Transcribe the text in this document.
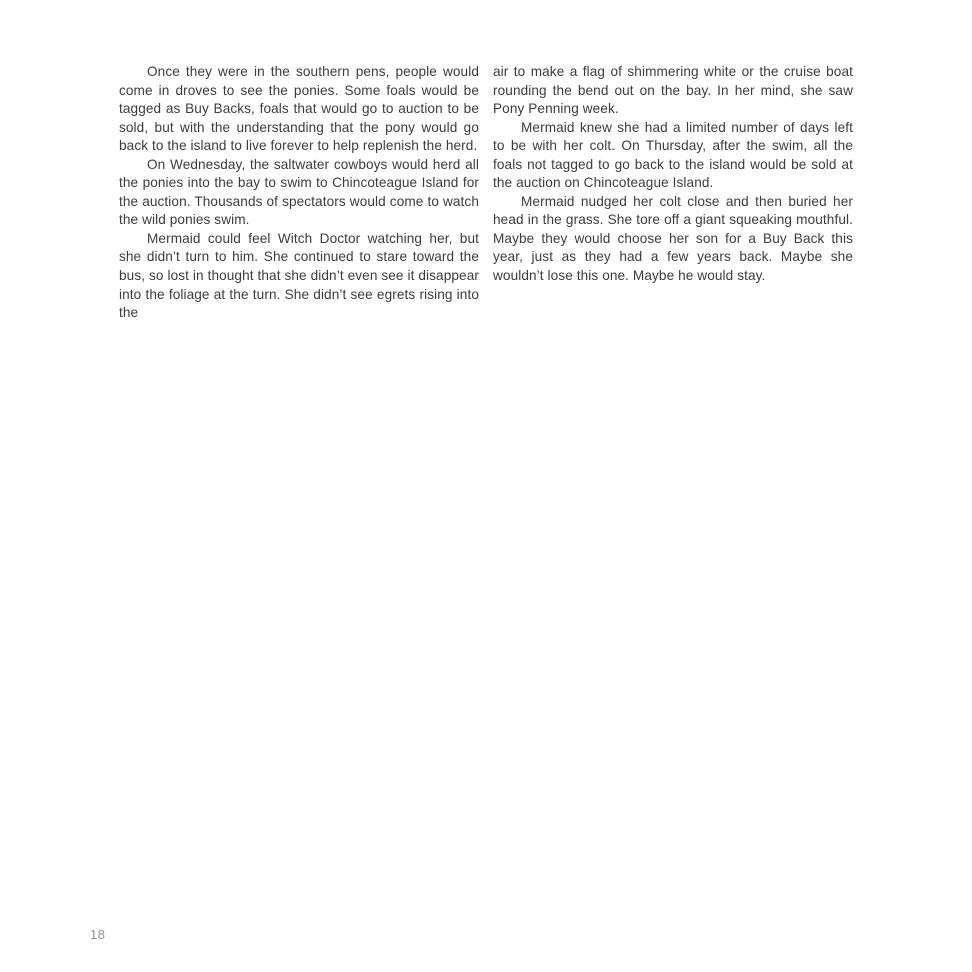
Once they were in the southern pens, people would come in droves to see the ponies. Some foals would be tagged as Buy Backs, foals that would go to auction to be sold, but with the understanding that the pony would go back to the island to live forever to help replenish the herd.

On Wednesday, the saltwater cowboys would herd all the ponies into the bay to swim to Chincoteague Island for the auction. Thousands of spectators would come to watch the wild ponies swim.

Mermaid could feel Witch Doctor watching her, but she didn’t turn to him. She continued to stare toward the bus, so lost in thought that she didn’t even see it disappear into the foliage at the turn. She didn’t see egrets rising into the

air to make a flag of shimmering white or the cruise boat rounding the bend out on the bay. In her mind, she saw Pony Penning week.

Mermaid knew she had a limited number of days left to be with her colt. On Thursday, after the swim, all the foals not tagged to go back to the island would be sold at the auction on Chincoteague Island.

Mermaid nudged her colt close and then buried her head in the grass. She tore off a giant squeaking mouthful. Maybe they would choose her son for a Buy Back this year, just as they had a few years back. Maybe she wouldn’t lose this one. Maybe he would stay.

18
